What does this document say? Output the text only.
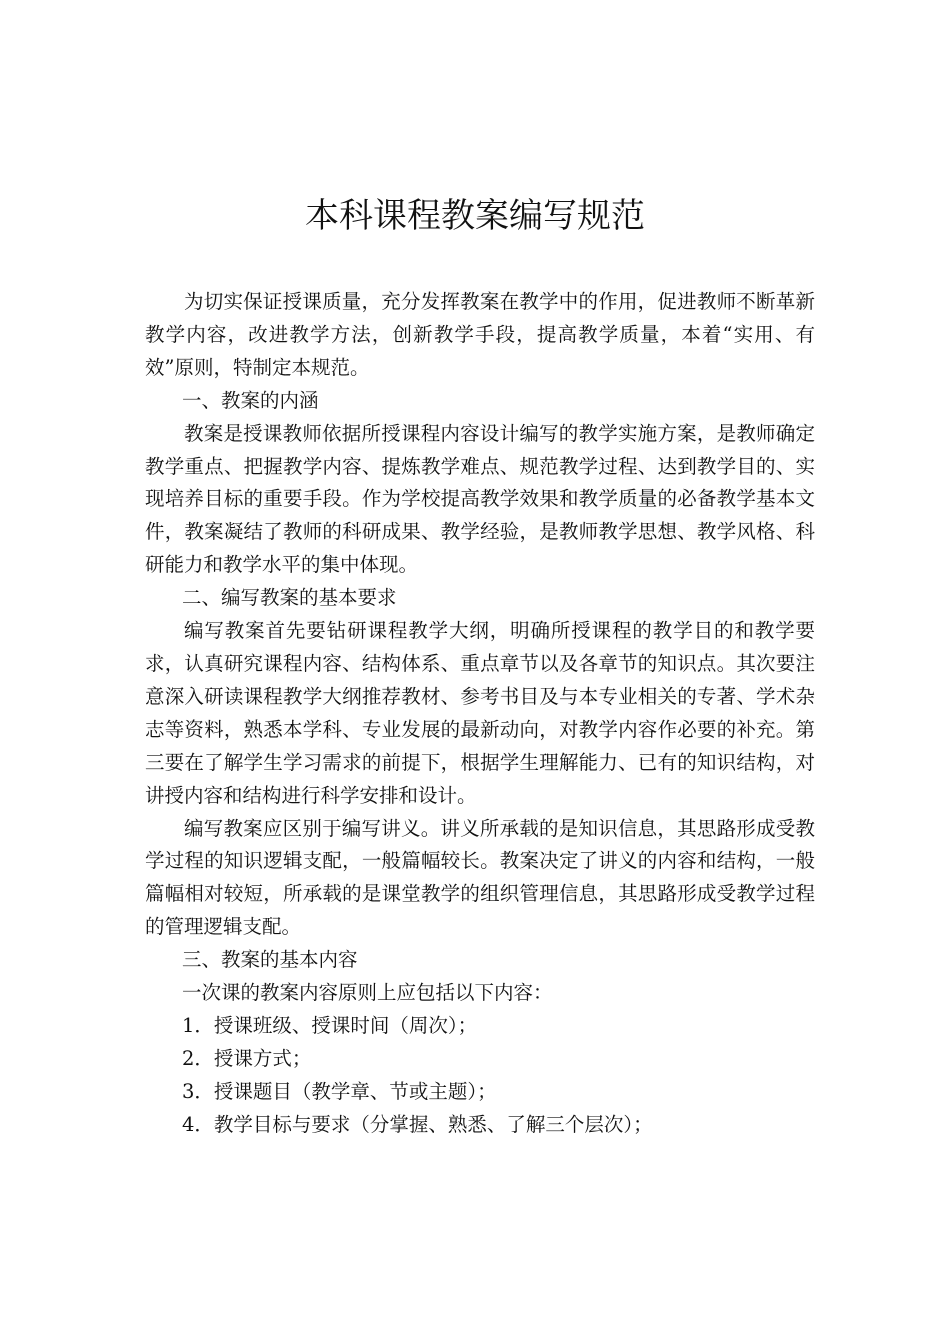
本科课程教案编写规范

为切实保证授课质量，充分发挥教案在教学中的作用，促进教师不断革新教学内容，改进教学方法，创新教学手段，提高教学质量，本着“实用、有效”原则，特制定本规范。

一、教案的内涵

教案是授课教师依据所授课程内容设计编写的教学实施方案，是教师确定教学重点、把握教学内容、提炼教学难点、规范教学过程、达到教学目的、实现培养目标的重要手段。作为学校提高教学效果和教学质量的必备教学基本文件，教案凝结了教师的科研成果、教学经验，是教师教学思想、教学风格、科研能力和教学水平的集中体现。

二、编写教案的基本要求

编写教案首先要钻研课程教学大纲，明确所授课程的教学目的和教学要求，认真研究课程内容、结构体系、重点章节以及各章节的知识点。其次要注意深入研读课程教学大纲推荐教材、参考书目及与本专业相关的专著、学术杂志等资料，熟悉本学科、专业发展的最新动向，对教学内容作必要的补充。第三要在了解学生学习需求的前提下，根据学生理解能力、已有的知识结构，对讲授内容和结构进行科学安排和设计。

编写教案应区别于编写讲义。讲义所承载的是知识信息，其思路形成受教学过程的知识逻辑支配，一般篇幅较长。教案决定了讲义的内容和结构，一般篇幅相对较短，所承载的是课堂教学的组织管理信息，其思路形成受教学过程的管理逻辑支配。

三、教案的基本内容

一次课的教案内容原则上应包括以下内容：

1．授课班级、授课时间（周次）；

2．授课方式；

3．授课题目（教学章、节或主题）；

4．教学目标与要求（分掌握、熟悉、了解三个层次）；
